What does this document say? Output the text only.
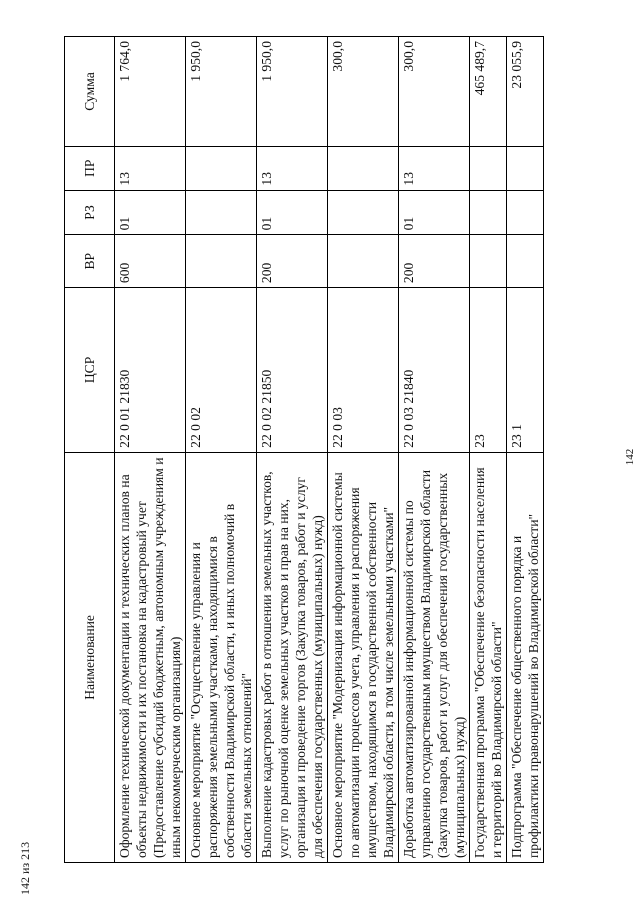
142
Наименование	ЦСР	ВР	РЗ	ПР	Сумма
Оформление технической документации и технических планов на объекты недвижимости и их постановка на кадастровый учет (Предоставление субсидий бюджетным, автономным учреждениям и иным некоммерческим организациям)	22 0 01 21830	600	01	13	1 764,0
Основное мероприятие "Осуществление управления и распоряжения земельными участками, находящимися в собственности Владимирской области, и иных полномочий в области земельных отношений"	22 0 02				1 950,0
Выполнение кадастровых работ в отношении земельных участков, услуг по рыночной оценке земельных участков и прав на них, организация и проведение торгов (Закупка товаров, работ и услуг для обеспечения государственных (муниципальных) нужд)	22 0 02 21850	200	01	13	1 950,0
Основное мероприятие "Модернизация информационной системы по автоматизации процессов учета, управления и распоряжения имуществом, находящимся в государственной собственности Владимирской области, в том числе земельными участками"	22 0 03				300,0
Доработка автоматизированной информационной системы по управлению государственным имуществом Владимирской области (Закупка товаров, работ и услуг для обеспечения государственных (муниципальных) нужд)	22 0 03 21840	200	01	13	300,0
Государственная программа "Обеспечение безопасности населения и территорий во Владимирской области"	23				465 489,7
Подпрограмма "Обеспечение общественного порядка и профилактики правонарушений во Владимирской области"	23 1				23 055,9
142 из 213
